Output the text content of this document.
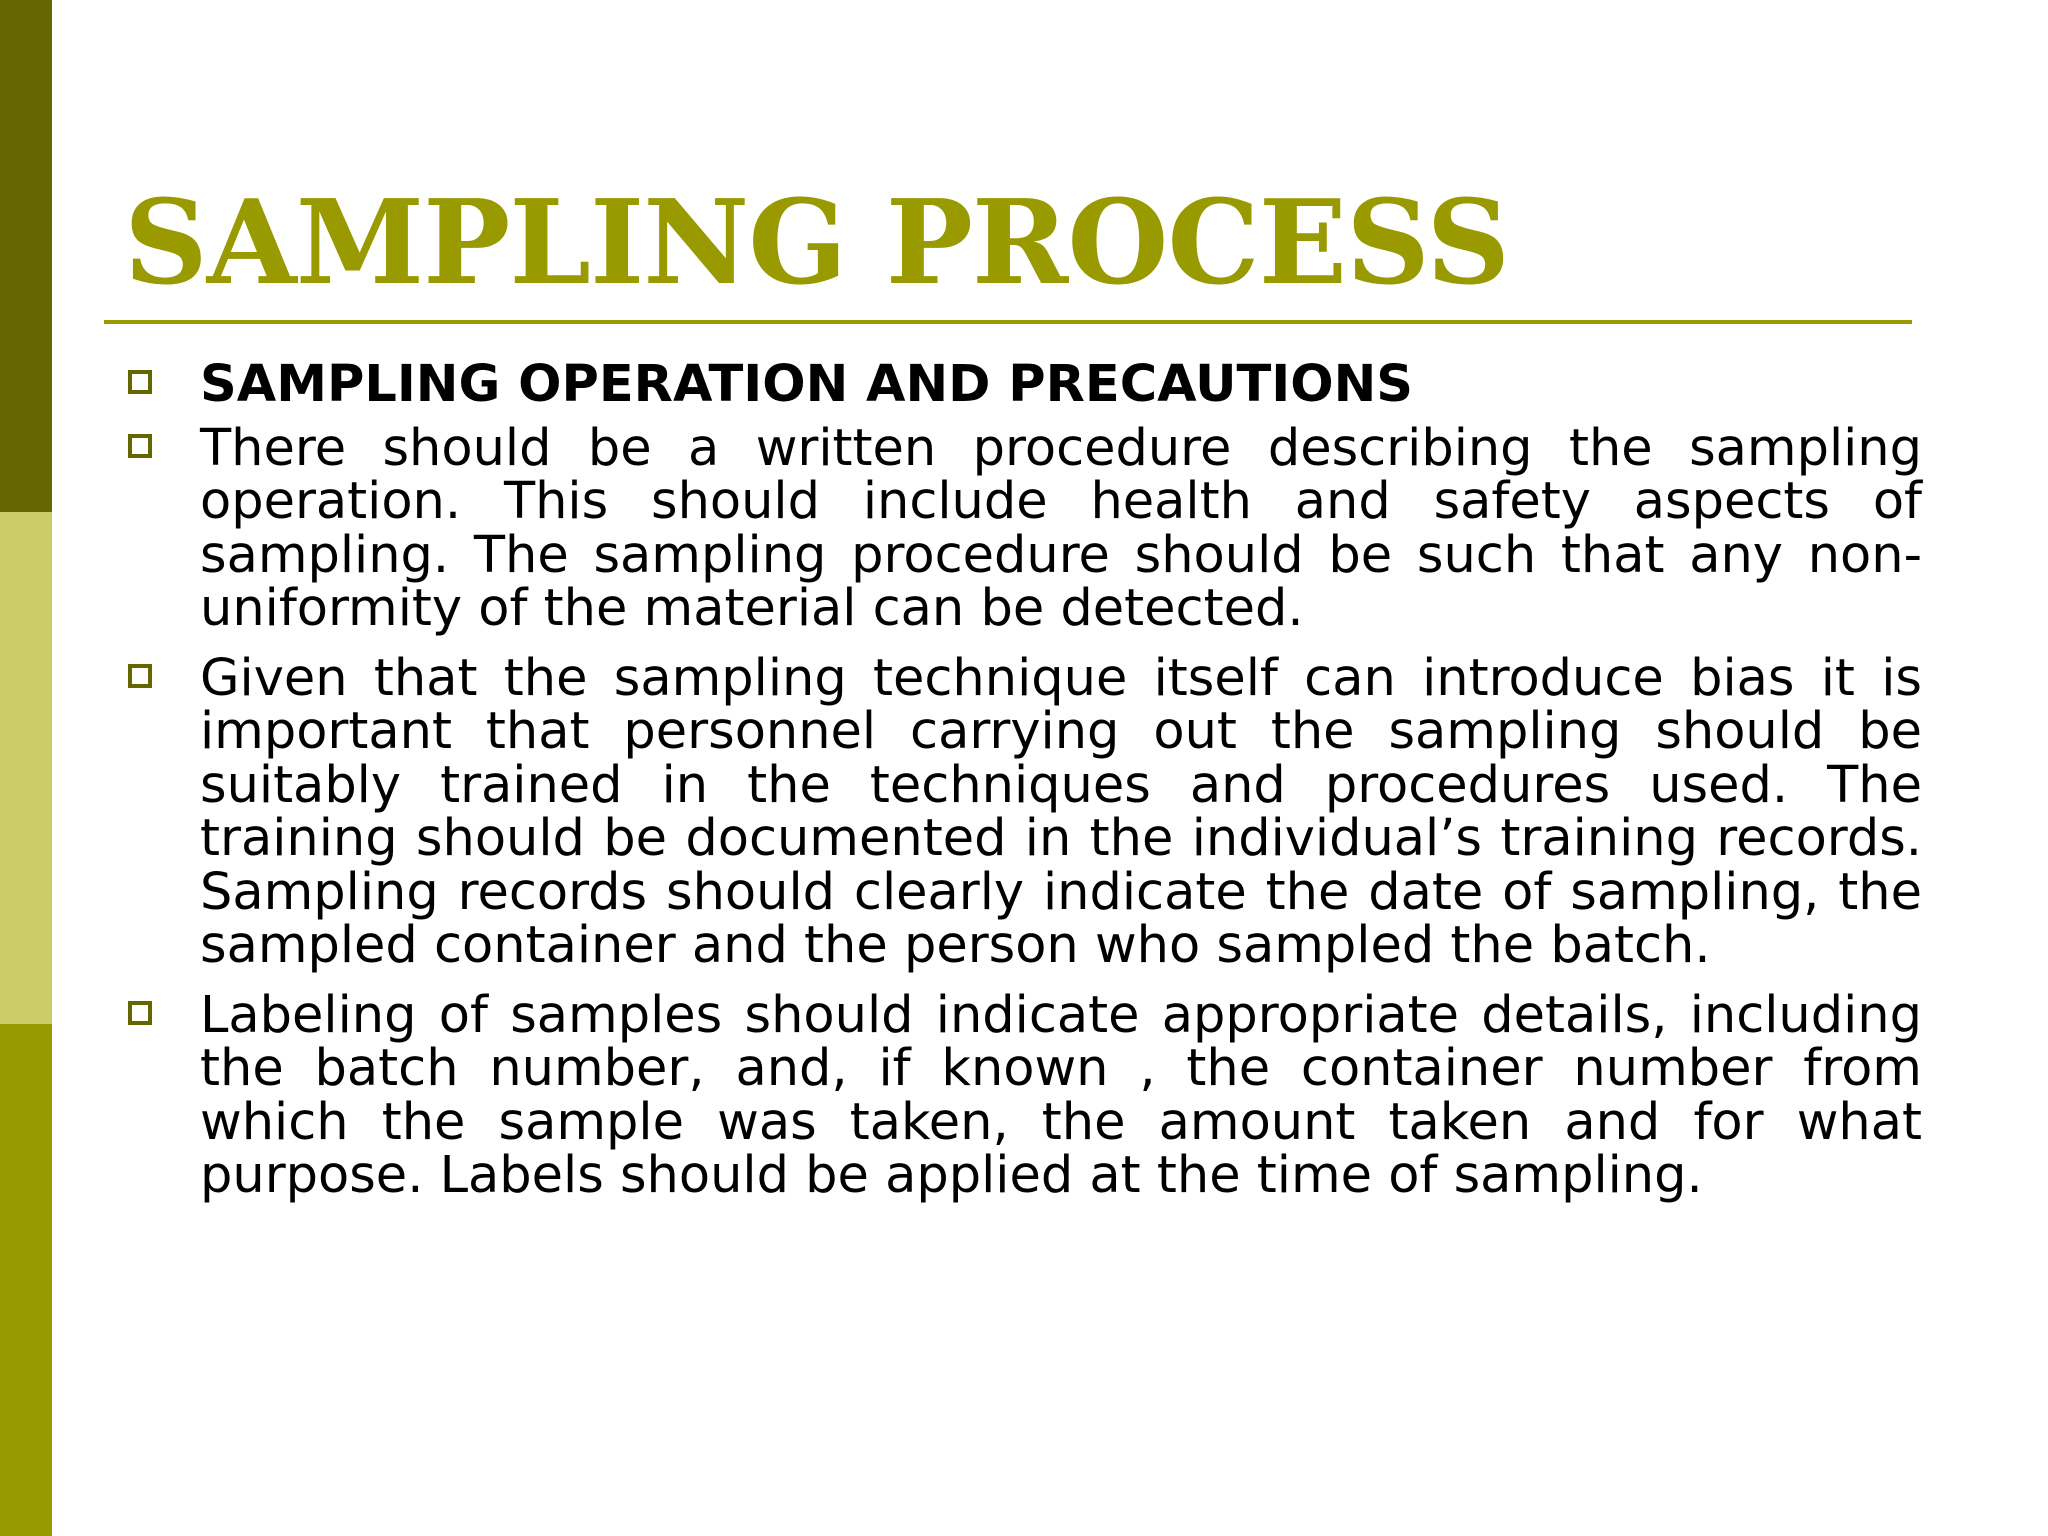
SAMPLING PROCESS
SAMPLING OPERATION AND PRECAUTIONS
There should be a written procedure describing the sampling operation. This should include health and safety aspects of sampling. The sampling procedure should be such that any non-uniformity of the material can be detected.
Given that the sampling technique itself can introduce bias it is important that personnel carrying out the sampling should be suitably trained in the techniques and procedures used. The training should be documented in the individual’s training records. Sampling records should clearly indicate the date of sampling, the sampled container and the person who sampled the batch.
Labeling of samples should indicate appropriate details, including the batch number, and, if known , the container number from which the sample was taken, the amount taken and for what purpose. Labels should be applied at the time of sampling.
